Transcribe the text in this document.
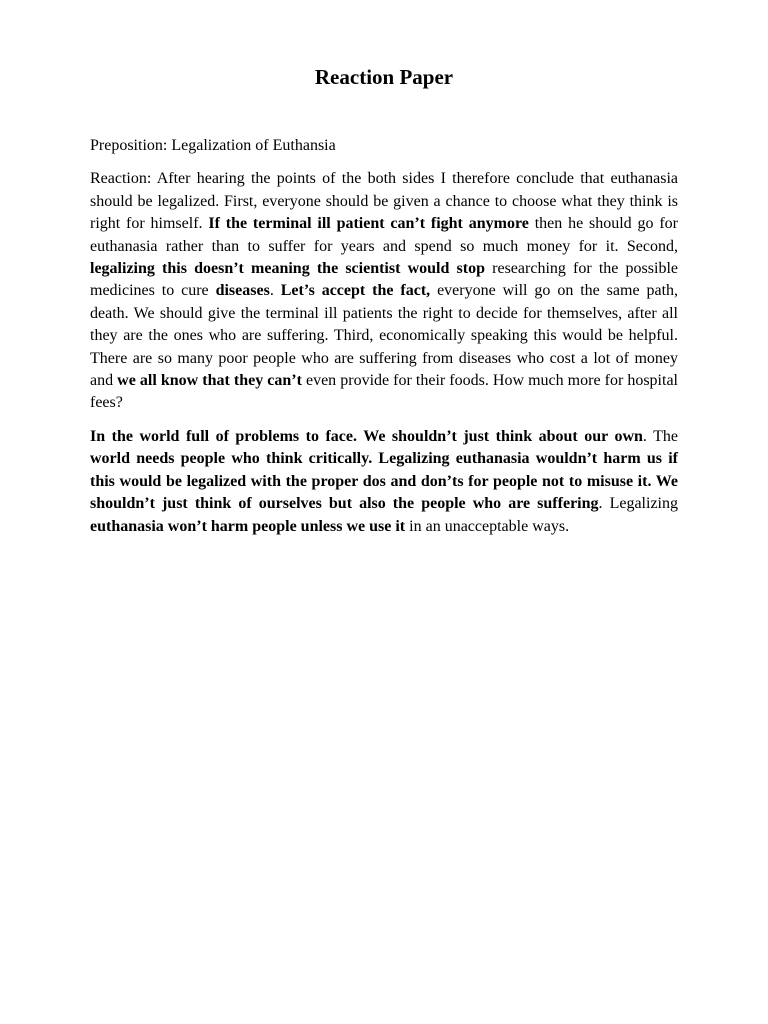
Reaction Paper

Preposition: Legalization of Euthansia

Reaction: After hearing the points of the both sides I therefore conclude that euthanasia should be legalized. First, everyone should be given a chance to choose what they think is right for himself. If the terminal ill patient can’t fight anymore then he should go for euthanasia rather than to suffer for years and spend so much money for it. Second, legalizing this doesn’t meaning the scientist would stop researching for the possible medicines to cure diseases. Let’s accept the fact, everyone will go on the same path, death. We should give the terminal ill patients the right to decide for themselves, after all they are the ones who are suffering. Third, economically speaking this would be helpful. There are so many poor people who are suffering from diseases who cost a lot of money and we all know that they can’t even provide for their foods. How much more for hospital fees?

In the world full of problems to face. We shouldn’t just think about our own. The world needs people who think critically. Legalizing euthanasia wouldn’t harm us if this would be legalized with the proper dos and don’ts for people not to misuse it. We shouldn’t just think of ourselves but also the people who are suffering. Legalizing euthanasia won’t harm people unless we use it in an unacceptable ways.
